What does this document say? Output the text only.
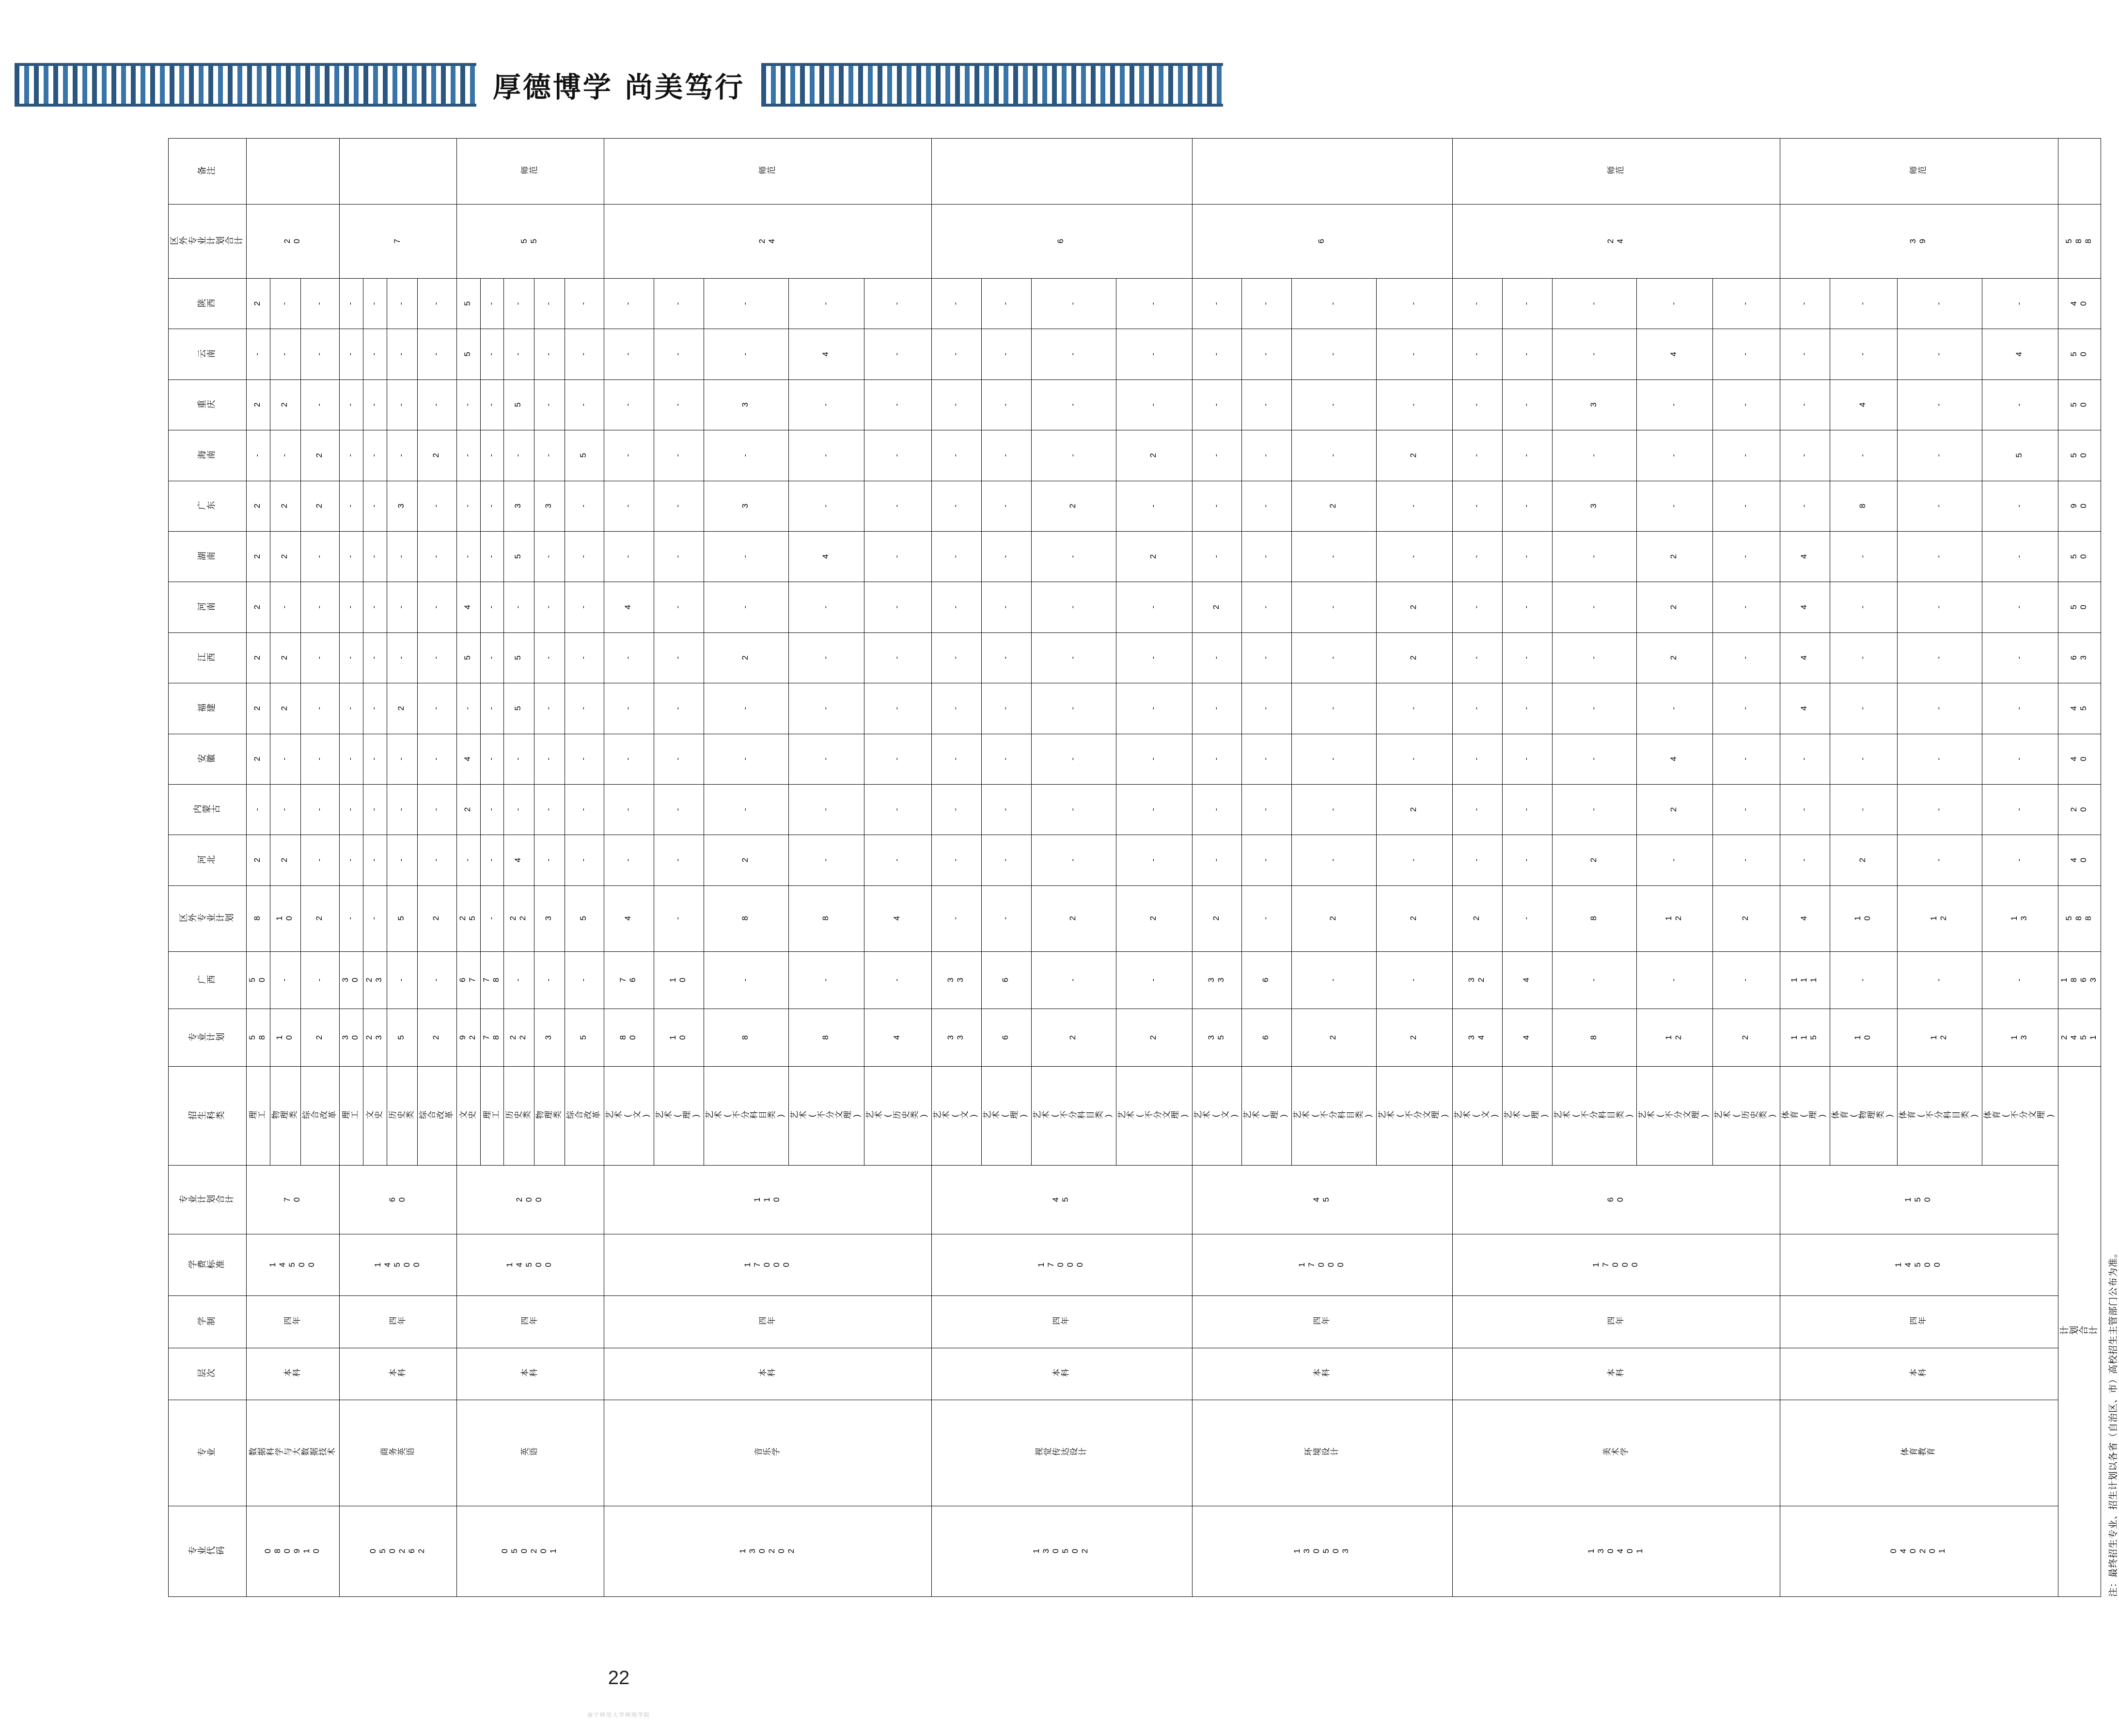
厚德博学 尚美笃行
专业代码	专业	层次	学制	学费标准	专业计划合计	招生科类	专业计划	广西	区外专业计划	河北	内蒙古	安徽	福建	江西	河南	湖南	广东	海南	重庆	云南	陕西	区外专业计划合计	备注
080910	数据科学与大数据技术	本科	四年	14500	70	理工	58	50	8	2	-	2	2	2	2	2	2	-	2	-	2	20	
						物理类	10	-	10	2	-	-	2	2	-	2	2	-	2	-	-		
						综合改革	2	-	2	-	-	-	-	-	-	-	2	2	-	-	-		
050262	商务英语	本科	四年	14500	60	理工	30	30	-	-	-	-	-	-	-	-	-	-	-	-	-	7	
						文史	23	23	-	-	-	-	-	-	-	-	-	-	-	-	-		
						历史类	5	-	5	-	-	-	2	-	-	-	3	-	-	-	-		
						综合改革	2	-	2	-	-	-	-	-	-	-	-	2	-	-	-		
050201	英语	本科	四年	14500	200	文史	92	67	25	-	2	4	-	5	4	-	-	-	-	5	5	55	师范
						理工	78	78	-	-	-	-	-	-	-	-	-	-	-	-	-		
						历史类	22	-	22	4	-	-	5	5	-	5	3	-	5	-	-		
						物理类	3	-	3	-	-	-	-	-	-	-	3	-	-	-	-		
						综合改革	5	-	5	-	-	-	-	-	-	-	-	5	-	-	-		
130202	音乐学	本科	四年	17000	110	艺术(文)	80	76	4	-	-	-	-	-	4	-	-	-	-	-	-	24	师范
						艺术(理)	10	10	-	-	-	-	-	-	-	-	-	-	-	-	-		
						艺术(不分科目类)	8	-	8	2	-	-	-	2	-	-	3	-	3	-	-		
						艺术(不分文理)	8	-	8	-	-	-	-	-	-	4	-	-	-	4	-		
						艺术(历史类)	4	-	4	-	-	-	-	-	-	-	-	-	-	-	-		
130502	视觉传达设计	本科	四年	17000	45	艺术(文)	33	33	-	-	-	-	-	-	-	-	-	-	-	-	-	6	
						艺术(理)	6	6	-	-	-	-	-	-	-	-	-	-	-	-	-		
						艺术(不分科目类)	2	-	2	-	-	-	-	-	-	-	2	-	-	-	-		
						艺术(不分文理)	2	-	2	-	-	-	-	-	-	2	-	2	-	-	-		
130503	环境设计	本科	四年	17000	45	艺术(文)	35	33	2	-	-	-	-	-	2	-	-	-	-	-	-	6	
						艺术(理)	6	6	-	-	-	-	-	-	-	-	-	-	-	-	-		
						艺术(不分科目类)	2	-	2	-	-	-	-	-	-	-	2	-	-	-	-		
						艺术(不分文理)	2	-	2	-	2	-	-	2	2	-	-	2	-	-	-		
130401	美术学	本科	四年	17000	60	艺术(文)	34	32	2	-	-	-	-	-	-	-	-	-	-	-	-	24	师范
						艺术(理)	4	4	-	-	-	-	-	-	-	-	-	-	-	-	-		
						艺术(不分科目类)	8	-	8	2	-	-	-	-	-	-	3	-	3	-	-		
						艺术(不分文理)	12	-	12	-	2	4	-	2	2	2	-	-	-	4	-		
						艺术(历史类)	2	-	2	-	-	-	-	-	-	-	-	-	-	-	-		
040201	体育教育	本科	四年	14500	150	体育(理)	115	111	4	-	-	-	4	4	4	4	-	-	-	-	-	39	师范
						体育(物理类)	10	-	10	2	-	-	-	-	-	-	8	-	4	-	-		
						体育(不分科目类)	12	-	12	-	-	-	-	-	-	-	-	-	-	-	-		
						体育(不分文理)	13	-	13	-	-	-	-	-	-	-	-	5	-	4	-		
计划合计							2451	1863	588	40	20	40	45	63	50	50	90	50	50	50	40	588	
注：最终招生专业、招生计划以各省（自治区、市）高校招生主管部门公布为准。
22
南宁师范大学师园学院
